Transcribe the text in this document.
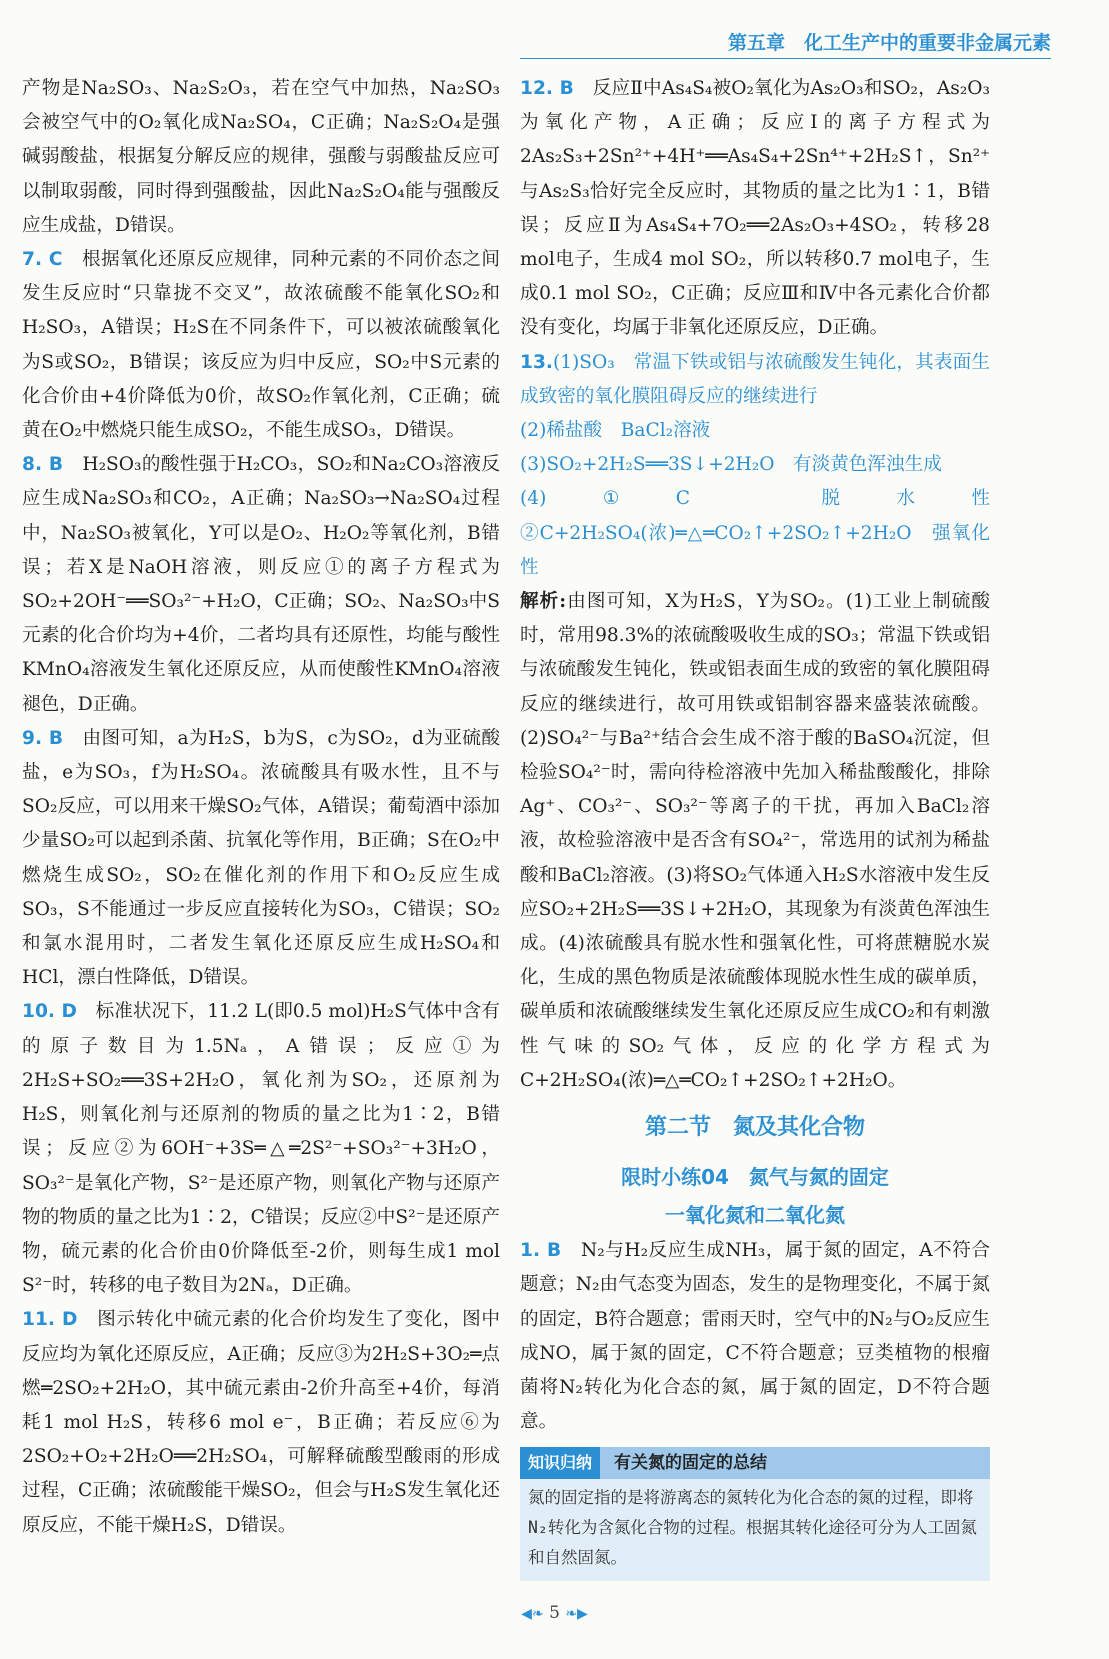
第五章　化工生产中的重要非金属元素

产物是Na₂SO₃、Na₂S₂O₃，若在空气中加热，Na₂SO₃会被空气中的O₂氧化成Na₂SO₄，C正确；Na₂S₂O₄是强碱弱酸盐，根据复分解反应的规律，强酸与弱酸盐反应可以制取弱酸，同时得到强酸盐，因此Na₂S₂O₄能与强酸反应生成盐，D错误。

7. C　 根据氧化还原反应规律，同种元素的不同价态之间发生反应时“只靠拢不交叉”，故浓硫酸不能氧化SO₂和H₂SO₃，A错误；H₂S在不同条件下，可以被浓硫酸氧化为S或SO₂，B错误；该反应为归中反应，SO₂中S元素的化合价由+4价降低为0价，故SO₂作氧化剂，C正确；硫黄在O₂中燃烧只能生成SO₂，不能生成SO₃，D错误。

8. B　 H₂SO₃的酸性强于H₂CO₃，SO₂和Na₂CO₃溶液反应生成Na₂SO₃和CO₂，A正确；Na₂SO₃→Na₂SO₄过程中，Na₂SO₃被氧化，Y可以是O₂、H₂O₂等氧化剂，B错误；若X是NaOH溶液，则反应①的离子方程式为SO₂+2OH⁻══SO₃²⁻+H₂O，C正确；SO₂、Na₂SO₃中S元素的化合价均为+4价，二者均具有还原性，均能与酸性KMnO₄溶液发生氧化还原反应，从而使酸性KMnO₄溶液褪色，D正确。

9. B　 由图可知，a为H₂S，b为S，c为SO₂，d为亚硫酸盐，e为SO₃，f为H₂SO₄。浓硫酸具有吸水性，且不与SO₂反应，可以用来干燥SO₂气体，A错误；葡萄酒中添加少量SO₂可以起到杀菌、抗氧化等作用，B正确；S在O₂中燃烧生成SO₂，SO₂在催化剂的作用下和O₂反应生成SO₃，S不能通过一步反应直接转化为SO₃，C错误；SO₂和氯水混用时，二者发生氧化还原反应生成H₂SO₄和HCl，漂白性降低，D错误。

10. D　 标准状况下，11.2 L(即0.5 mol)H₂S气体中含有的原子数目为1.5Nₐ，A错误；反应①为2H₂S+SO₂══3S+2H₂O，氧化剂为SO₂，还原剂为H₂S，则氧化剂与还原剂的物质的量之比为1∶2，B错误；反应②为6OH⁻+3S═△═2S²⁻+SO₃²⁻+3H₂O，SO₃²⁻是氧化产物，S²⁻是还原产物，则氧化产物与还原产物的物质的量之比为1∶2，C错误；反应②中S²⁻是还原产物，硫元素的化合价由0价降低至-2价，则每生成1 mol S²⁻时，转移的电子数目为2Nₐ，D正确。

11. D　 图示转化中硫元素的化合价均发生了变化，图中反应均为氧化还原反应，A正确；反应③为2H₂S+3O₂═点燃═2SO₂+2H₂O，其中硫元素由-2价升高至+4价，每消耗1 mol H₂S，转移6 mol e⁻，B正确；若反应⑥为2SO₂+O₂+2H₂O══2H₂SO₄，可解释硫酸型酸雨的形成过程，C正确；浓硫酸能干燥SO₂，但会与H₂S发生氧化还原反应，不能干燥H₂S，D错误。

12. B　 反应Ⅱ中As₄S₄被O₂氧化为As₂O₃和SO₂，As₂O₃为氧化产物，A正确；反应Ⅰ的离子方程式为2As₂S₃+2Sn²⁺+4H⁺══As₄S₄+2Sn⁴⁺+2H₂S↑，Sn²⁺与As₂S₃恰好完全反应时，其物质的量之比为1∶1，B错误；反应Ⅱ为As₄S₄+7O₂══2As₂O₃+4SO₂，转移28 mol电子，生成4 mol SO₂，所以转移0.7 mol电子，生成0.1 mol SO₂，C正确；反应Ⅲ和Ⅳ中各元素化合价都没有变化，均属于非氧化还原反应，D正确。

13.(1)SO₃　常温下铁或铝与浓硫酸发生钝化，其表面生成致密的氧化膜阻碍反应的继续进行

(2)稀盐酸　BaCl₂溶液

(3)SO₂+2H₂S══3S↓+2H₂O　有淡黄色浑浊生成

(4)①C　脱水性　②C+2H₂SO₄(浓)═△═CO₂↑+2SO₂↑+2H₂O　强氧化性

解析:由图可知，X为H₂S，Y为SO₂。(1)工业上制硫酸时，常用98.3%的浓硫酸吸收生成的SO₃；常温下铁或铝与浓硫酸发生钝化，铁或铝表面生成的致密的氧化膜阻碍反应的继续进行，故可用铁或铝制容器来盛装浓硫酸。(2)SO₄²⁻与Ba²⁺结合会生成不溶于酸的BaSO₄沉淀，但检验SO₄²⁻时，需向待检溶液中先加入稀盐酸酸化，排除Ag⁺、CO₃²⁻、SO₃²⁻等离子的干扰，再加入BaCl₂溶液，故检验溶液中是否含有SO₄²⁻，常选用的试剂为稀盐酸和BaCl₂溶液。(3)将SO₂气体通入H₂S水溶液中发生反应SO₂+2H₂S══3S↓+2H₂O，其现象为有淡黄色浑浊生成。(4)浓硫酸具有脱水性和强氧化性，可将蔗糖脱水炭化，生成的黑色物质是浓硫酸体现脱水性生成的碳单质，碳单质和浓硫酸继续发生氧化还原反应生成CO₂和有刺激性气味的SO₂气体，反应的化学方程式为C+2H₂SO₄(浓)═△═CO₂↑+2SO₂↑+2H₂O。

第二节　氮及其化合物

限时小练04　氮气与氮的固定

一氧化氮和二氧化氮

1. B　 N₂与H₂反应生成NH₃，属于氮的固定，A不符合题意；N₂由气态变为固态，发生的是物理变化，不属于氮的固定，B符合题意；雷雨天时，空气中的N₂与O₂反应生成NO，属于氮的固定，C不符合题意；豆类植物的根瘤菌将N₂转化为化合态的氮，属于氮的固定，D不符合题意。

知识归纳	有关氮的固定的总结
氮的固定指的是将游离态的氮转化为化合态的氮的过程，即将N₂转化为含氮化合物的过程。根据其转化途径可分为人工固氮和自然固氮。
◀❧ 5 ❧▶
